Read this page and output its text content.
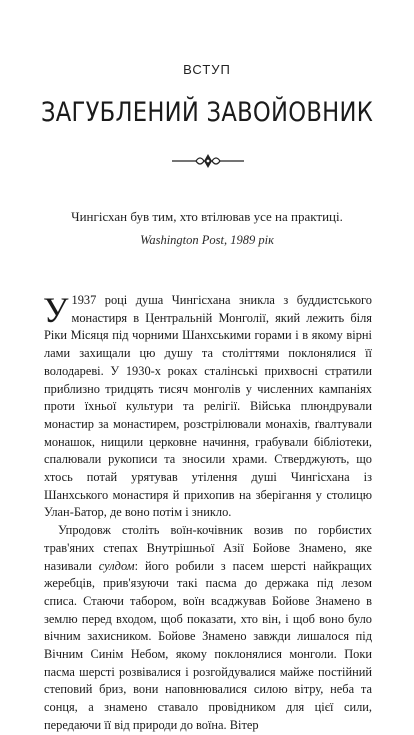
ВСТУП
ЗАГУБЛЕНИЙ ЗАВОЙОВНИК
Чингісхан був тим, хто втілював усе на практиці.
Washington Post, 1989 рік

У 1937 році душа Чингісхана зникла з буддистського монастиря в Центральній Монголії, який лежить біля Ріки Місяця під чорними Шанхськими горами і в якому вірні лами захищали цю душу та століттями поклонялися її володареві. У 1930-х роках сталінські прихвосні стратили приблизно тридцять тисяч монголів у численних кампаніях проти їхньої культури та релігії. Війська плюндрували монастир за монастирем, розстрілювали монахів, ґвалтували монашок, нищили церковне начиння, грабували бібліотеки, спалювали рукописи та зносили храми. Стверджують, що хтось потай урятував утілення душі Чингісхана із Шанхського монастиря й прихопив на зберігання у столицю Улан-Батор, де воно потім і зникло.

Упродовж століть воїн-кочівник возив по горбистих трав'яних степах Внутрішньої Азії Бойове Знамено, яке називали сулдом: його робили з пасем шерсті найкращих жеребців, прив'язуючи такі пасма до держака під лезом списа. Стаючи табором, воїн всаджував Бойове Знамено в землю перед входом, щоб показати, хто він, і щоб воно було вічним захисником. Бойове Знамено завжди лишалося під Вічним Синім Небом, якому поклонялися монголи. Поки пасма шерсті розвівалися і розгойдувалися майже постійний степовий бриз, вони наповнювалися силою вітру, неба та сонця, а знамено ставало провідником для цієї сили, передаючи її від природи до воїна. Вітер
